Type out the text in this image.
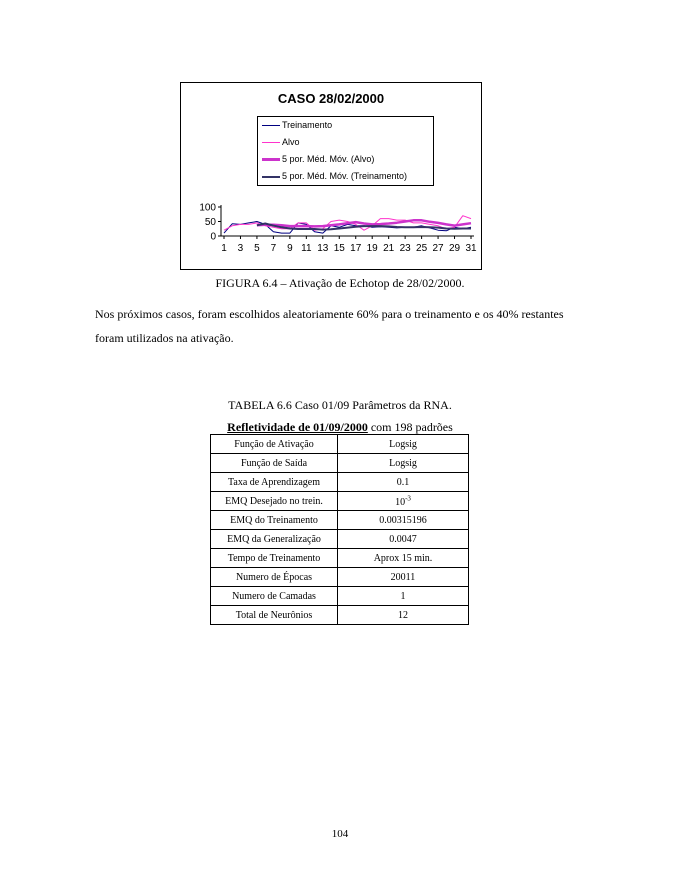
CASO 28/02/2000
Treinamento
Alvo
5 por. Méd. Móv. (Alvo)
5 por. Méd. Móv. (Treinamento)
0
50
100
1 3 5 7 9 11 13 15 17 19 21 23 25 27 29 31
FIGURA 6.4 – Ativação de Echotop de 28/02/2000.
Nos próximos casos, foram escolhidos aleatoriamente 60% para o treinamento e os 40% restantes foram utilizados na ativação.
TABELA 6.6 Caso 01/09 Parâmetros da RNA.
Refletividade de 01/09/2000 com 198 padrões
Função de Ativação	Logsig
Função de Saída	Logsig
Taxa de Aprendizagem	0.1
EMQ Desejado no trein.	$10^{-3}$
EMQ do Treinamento	0.00315196
EMQ da Generalização	0.0047
Tempo de Treinamento	Aprox 15 min.
Numero de Épocas	20011
Numero de Camadas	1
Total de Neurônios	12
104
